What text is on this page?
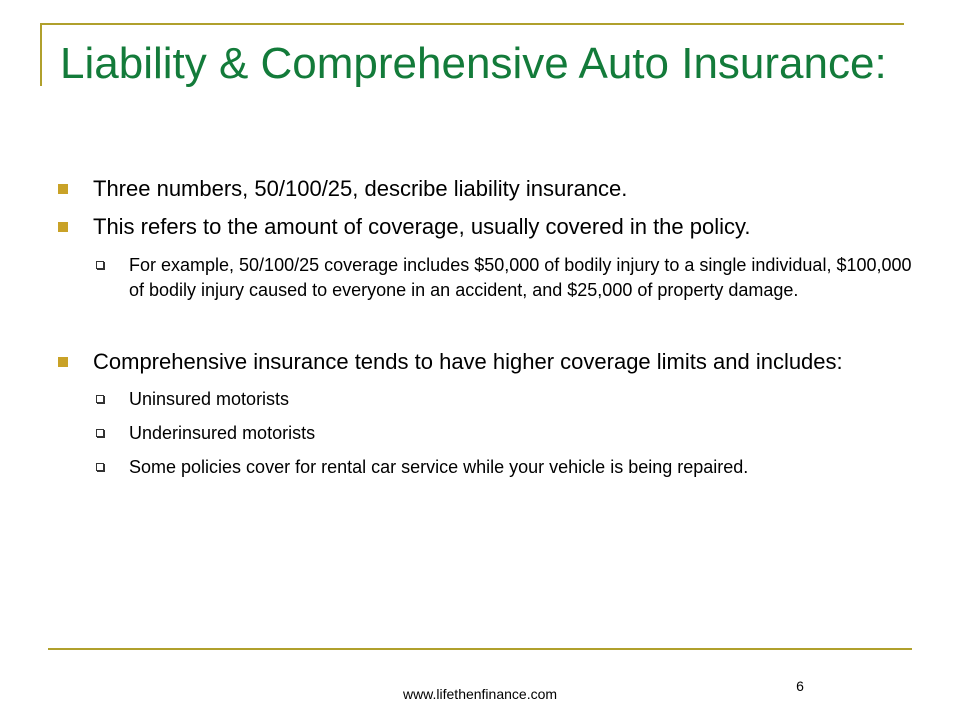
Liability & Comprehensive Auto Insurance:
Three numbers, 50/100/25, describe liability insurance.
This refers to the amount of coverage, usually covered in the policy.
For example, 50/100/25 coverage includes $50,000 of bodily injury to a single individual, $100,000 of bodily injury caused to everyone in an accident, and $25,000 of property damage.
Comprehensive insurance tends to have higher coverage limits and includes:
Uninsured motorists
Underinsured motorists
Some policies cover for rental car service while your vehicle is being repaired.
www.lifethenfinance.com	6
